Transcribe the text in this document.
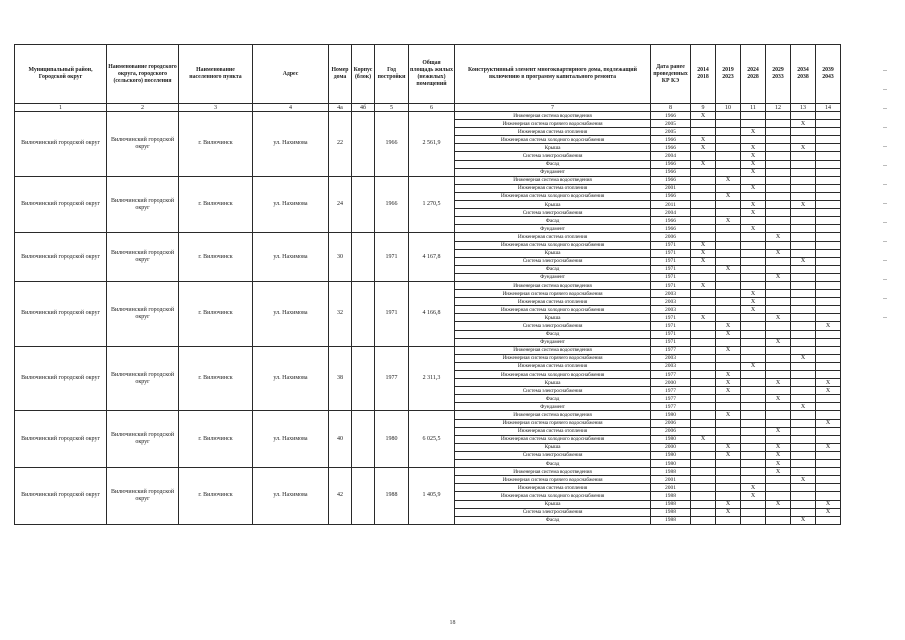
Муниципальный район, Городской округ	Наименование городского округа, городского (сельского) поселения	Наименование населенного пункта	Адрес	Номер дома	Корпус (блок)	Год постройки	Общая площадь жилых (нежилых) помещений	Конструктивный элемент многоквартирного дома, подлежащий включению в программу капитального ремонта	Дата ранее проведенных КР КЭ	2014 2018	2019 2023	2024 2028	2029 2033	2034 2038	2039 2043
1	2	3	4	4а	4б	5	6	7	8	9	10	11	12	13	14
Вилючинский городской округ	Вилючинский городской округ	г. Вилючинск	ул. Нахимова	22		1966	2 561,9	Инженерная система водоотведения	1966	X					
								Инженерная система горячего водоснабжения	2005					X	
								Инженерная система отопления	2005			X			
								Инженерная система холодного водоснабжения	1966	X					
								Крыша	1966	X		X		X	
								Система электроснабжения	2004			X			
								Фасад	1966	X		X			
								Фундамент	1966			X			
Вилючинский городской округ	Вилючинский городской округ	г. Вилючинск	ул. Нахимова	24		1966	1 270,5	Инженерная система водоотведения	1966		X				
								Инженерная система отопления	2001			X			
								Инженерная система холодного водоснабжения	1966		X				
								Крыша	2011			X		X	
								Система электроснабжения	2004			X			
								Фасад	1966		X				
								Фундамент	1966			X			
Вилючинский городской округ	Вилючинский городской округ	г. Вилючинск	ул. Нахимова	30		1971	4 167,8	Инженерная система отопления	2006				X		
								Инженерная система холодного водоснабжения	1971	X					
								Крыша	1971	X			X		
								Система электроснабжения	1971	X				X	
								Фасад	1971		X				
								Фундамент	1971				X		
Вилючинский городской округ	Вилючинский городской округ	г. Вилючинск	ул. Нахимова	32		1971	4 166,8	Инженерная система водоотведения	1971	X					
								Инженерная система горячего водоснабжения	2003			X			
								Инженерная система отопления	2003			X			
								Инженерная система холодного водоснабжения	2003			X			
								Крыша	1971	X			X		
								Система электроснабжения	1971		X				X
								Фасад	1971		X				
								Фундамент	1971				X		
Вилючинский городской округ	Вилючинский городской округ	г. Вилючинск	ул. Нахимова	38		1977	2 311,3	Инженерная система водоотведения	1977		X				
								Инженерная система горячего водоснабжения	2003					X	
								Инженерная система отопления	2003			X			
								Инженерная система холодного водоснабжения	1977		X				
								Крыша	2000		X		X		X
								Система электроснабжения	1977		X				X
								Фасад	1977				X		
								Фундамент	1977					X	
Вилючинский городской округ	Вилючинский городской округ	г. Вилючинск	ул. Нахимова	40		1980	6 025,5	Инженерная система водоотведения	1980		X				
								Инженерная система горячего водоснабжения	2006						X
								Инженерная система отопления	2006				X		
								Инженерная система холодного водоснабжения	1980	X					
								Крыша	2000		X		X		X
								Система электроснабжения	1980		X		X		
								Фасад	1980				X		
Вилючинский городской округ	Вилючинский городской округ	г. Вилючинск	ул. Нахимова	42		1988	1 405,9	Инженерная система водоотведения	1988				X		
								Инженерная система горячего водоснабжения	2001					X	
								Инженерная система отопления	2001			X			
								Инженерная система холодного водоснабжения	1988			X			
								Крыша	1988		X		X		X
								Система электроснабжения	1988		X				X
								Фасад	1988					X	
18
